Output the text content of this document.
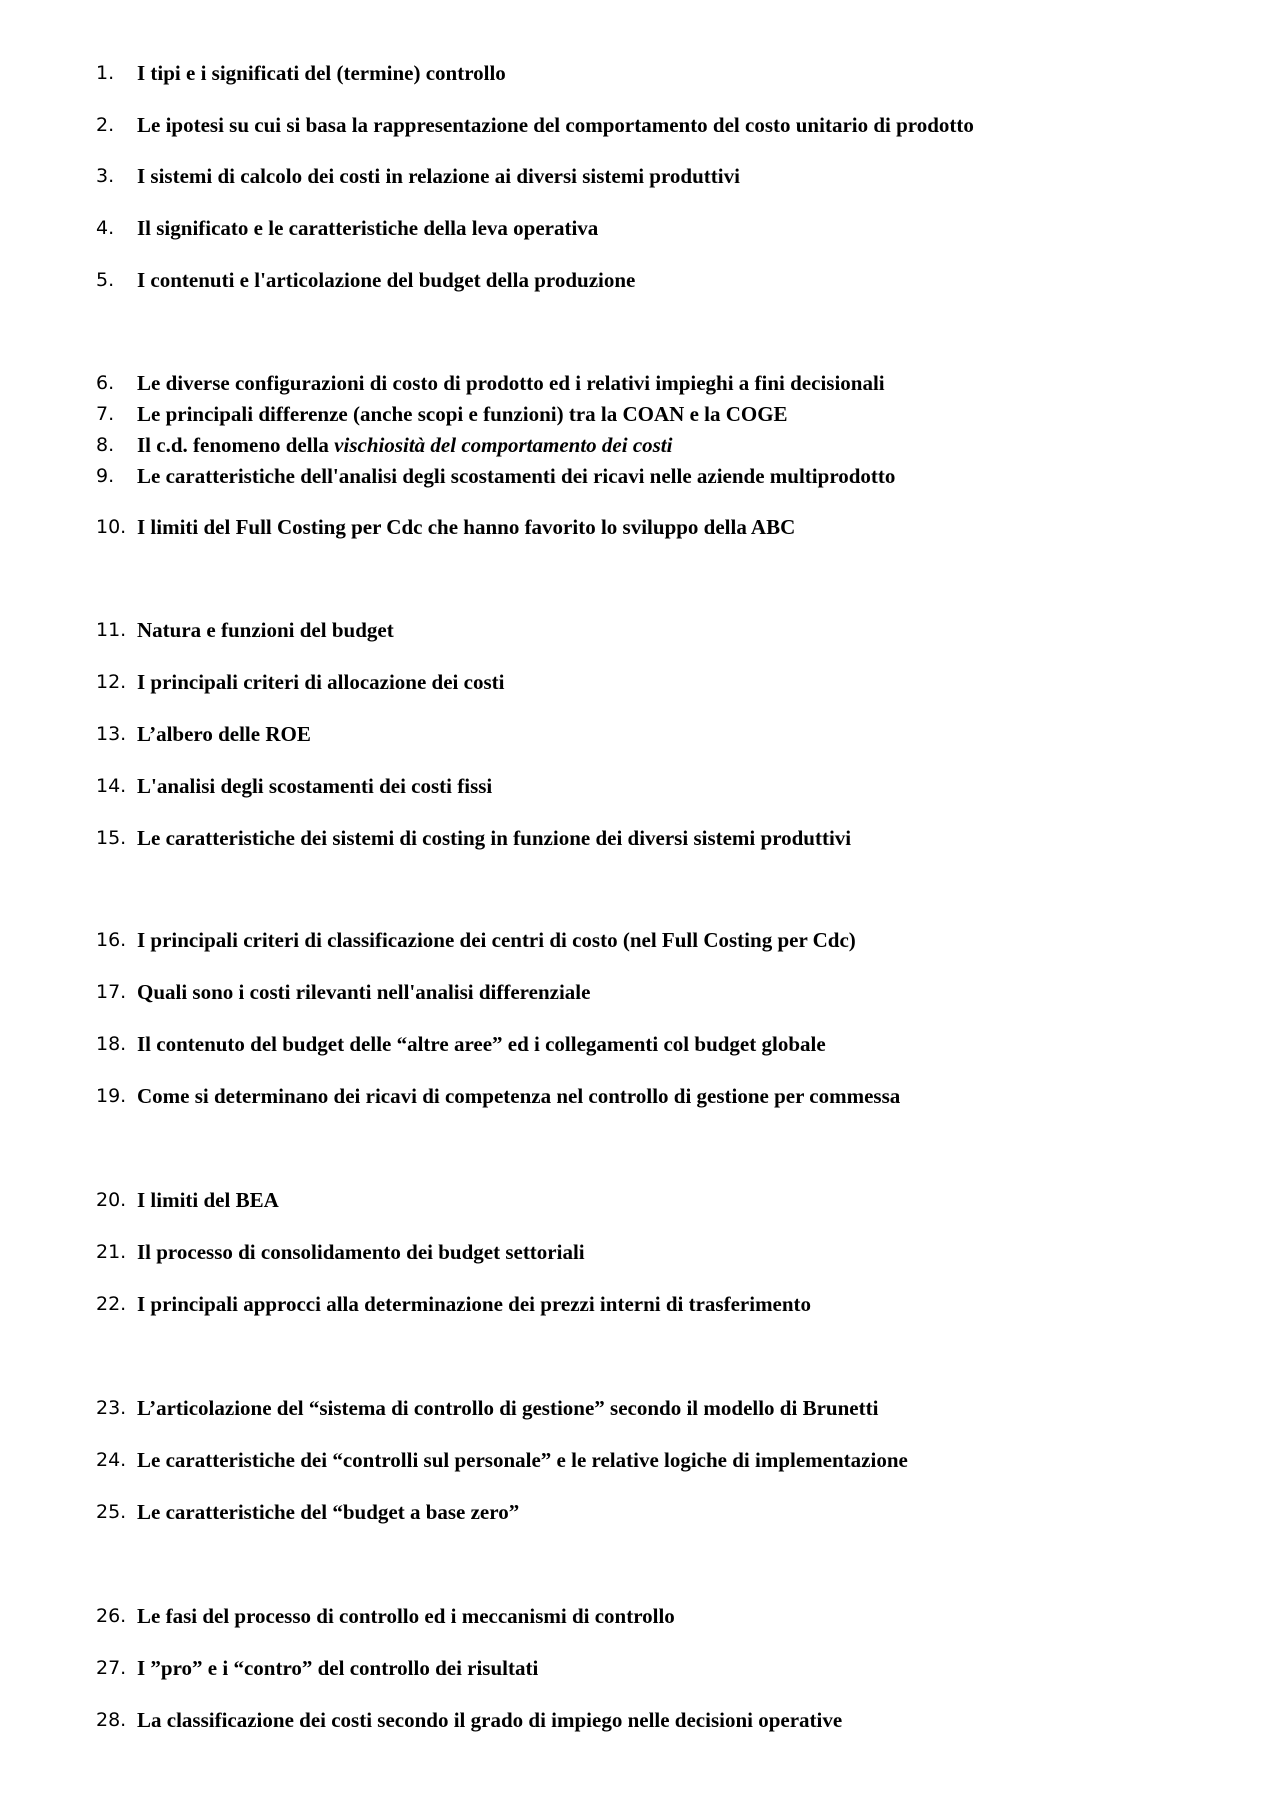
1.	I tipi e i significati del (termine) controllo
2.	Le ipotesi su cui si basa la rappresentazione del comportamento del costo unitario di prodotto
3.	I sistemi di calcolo dei costi in relazione ai diversi sistemi produttivi
4.	Il significato e le caratteristiche della leva operativa
5.	I contenuti e l'articolazione del budget della produzione
6.	Le diverse configurazioni di costo di prodotto ed i relativi impieghi a fini decisionali
7.	Le principali differenze (anche scopi e funzioni) tra la COAN e la COGE
8.	Il c.d. fenomeno della vischiosità del comportamento dei costi
9.	Le caratteristiche dell'analisi degli scostamenti dei ricavi nelle aziende multiprodotto
10. I limiti del Full Costing per Cdc che hanno favorito lo sviluppo della ABC
11. Natura e funzioni del budget
12. I principali criteri di allocazione dei costi
13. L’albero delle ROE
14. L'analisi degli scostamenti dei costi fissi
15. Le caratteristiche dei sistemi di costing in funzione dei diversi sistemi produttivi
16. I principali criteri di classificazione dei centri di costo (nel Full Costing per Cdc)
17. Quali sono i costi rilevanti nell'analisi differenziale
18. Il contenuto del budget delle “altre aree” ed i collegamenti col budget globale
19. Come si determinano dei ricavi di competenza nel controllo di gestione per commessa
20. I limiti del BEA
21. Il processo di consolidamento dei budget settoriali
22. I principali approcci alla determinazione dei prezzi interni di trasferimento
23. L’articolazione del “sistema di controllo di gestione” secondo il modello di Brunetti
24. Le caratteristiche dei “controlli sul personale” e le relative logiche di implementazione
25. Le caratteristiche del “budget a base zero”
26. Le fasi del processo di controllo ed i meccanismi di controllo
27. I ”pro” e i “contro” del controllo dei risultati
28. La classificazione dei costi secondo il grado di impiego nelle decisioni operative
